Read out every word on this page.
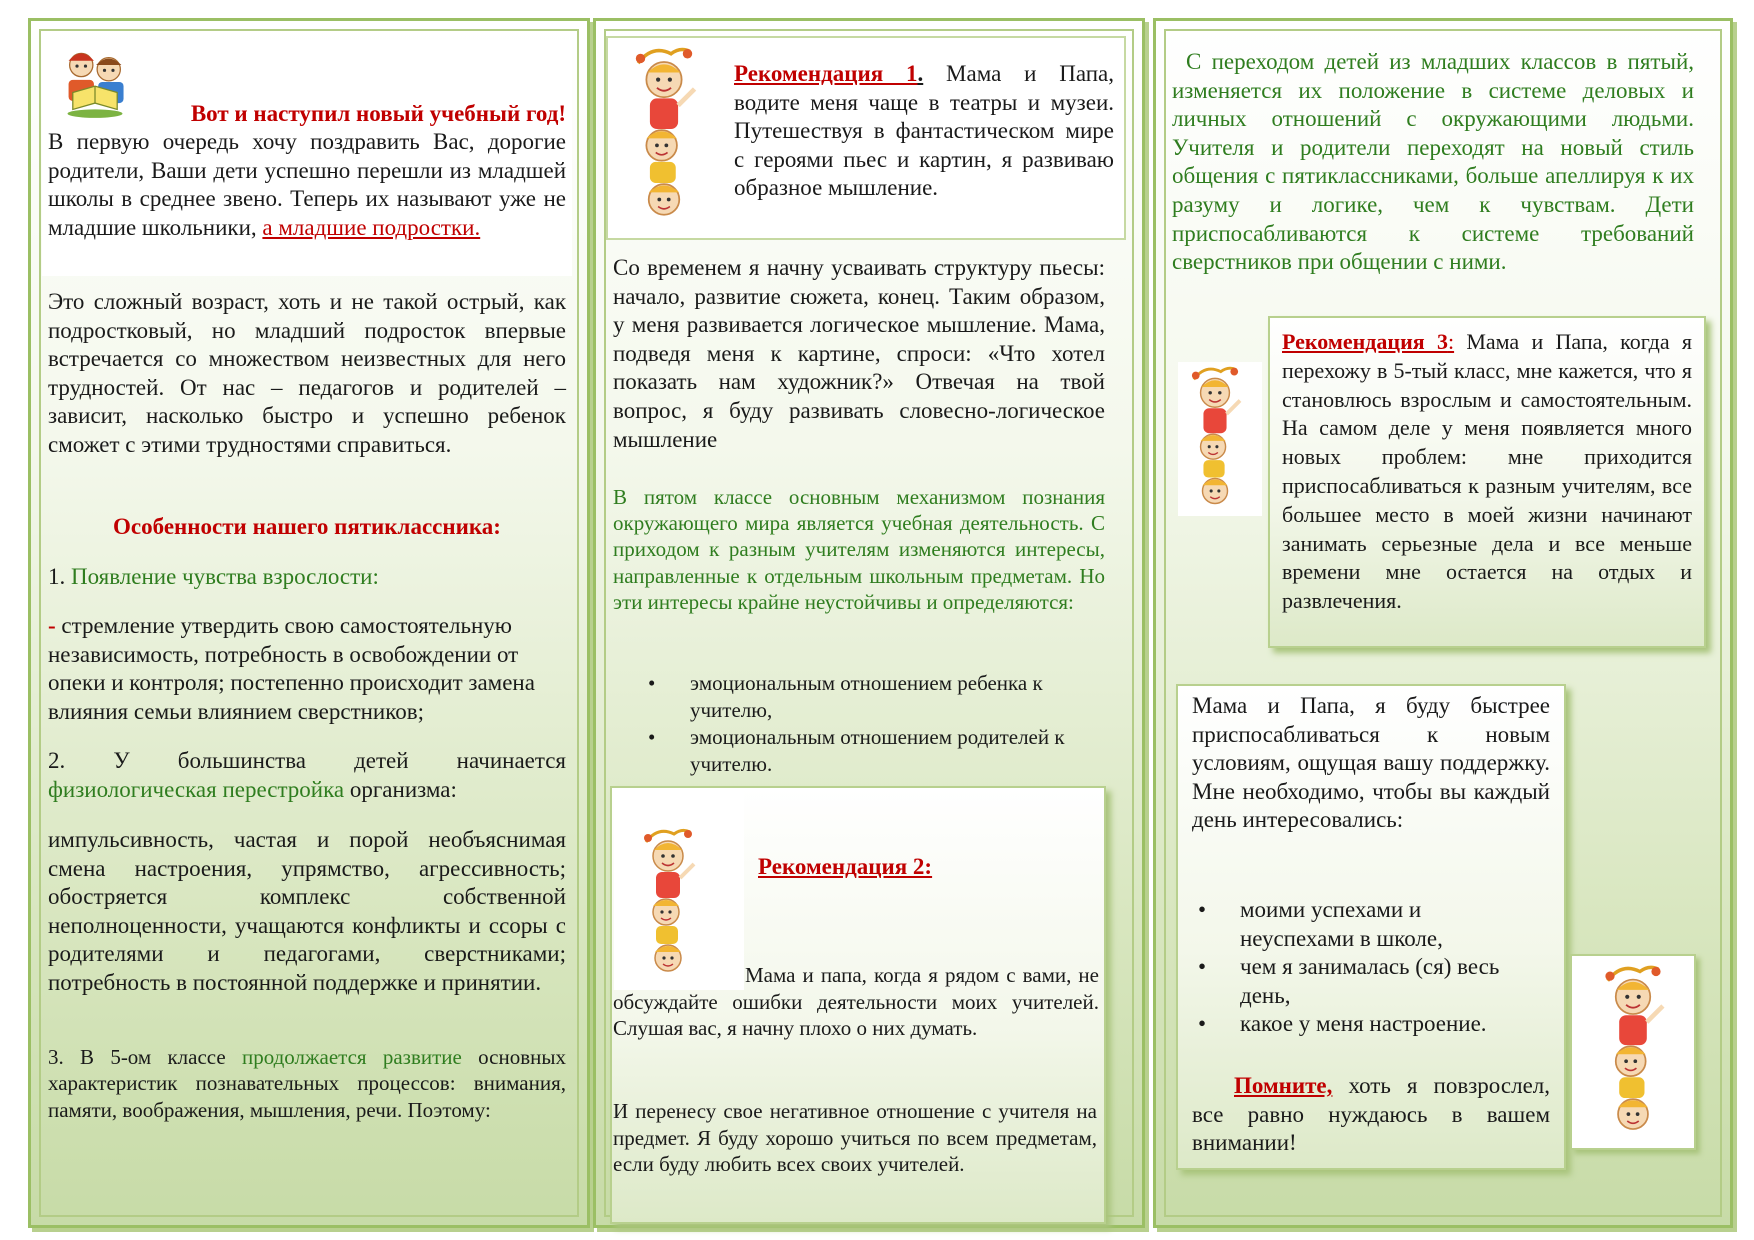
Вот и наступил новый учебный год!

В первую очередь хочу поздравить Вас, дорогие родители, Ваши дети успешно перешли из младшей школы в среднее звено. Теперь их называют уже не младшие школьники, а младшие подростки.

Это сложный возраст, хоть и не такой острый, как подростковый, но младший подросток впервые встречается со множеством неизвестных для него трудностей. От нас – педагогов и родителей – зависит, насколько быстро и успешно ребенок сможет с этими трудностями справиться.

Особенности нашего пятиклассника:

1. Появление чувства взрослости:

- стремление утвердить свою самостоятельную независимость, потребность в освобождении от опеки и контроля; постепенно происходит замена влияния семьи влиянием сверстников;

2. У большинства детей начинается физиологическая перестройка организма:

импульсивность, частая и порой необъяснимая смена настроения, упрямство, агрессивность; обостряется комплекс собственной неполноценности, учащаются конфликты и ссоры с родителями и педагогами, сверстниками; потребность в постоянной поддержке и принятии.

3. В 5-ом классе продолжается развитие основных характеристик познавательных процессов: внимания, памяти, воображения, мышления, речи. Поэтому:

Рекомендация 1. Мама и Папа, водите меня чаще в театры и музеи. Путешествуя в фантастическом мире с героями пьес и картин, я развиваю образное мышление.

Со временем я начну усваивать структуру пьесы: начало, развитие сюжета, конец. Таким образом, у меня развивается логическое мышление. Мама, подведя меня к картине, спроси: «Что хотел показать нам художник?» Отвечая на твой вопрос, я буду развивать словесно-логическое мышление

В пятом классе основным механизмом познания окружающего мира является учебная деятельность. С приходом к разным учителям изменяются интересы, направленные к отдельным школьным предметам. Но эти интересы крайне неустойчивы и определяются:

• эмоциональным отношением ребенка к учителю,
• эмоциональным отношением родителей к учителю.

Рекомендация 2:

Мама и папа, когда я рядом с вами, не обсуждайте ошибки деятельности моих учителей. Слушая вас, я начну плохо о них думать.

И перенесу свое негативное отношение с учителя на предмет. Я буду хорошо учиться по всем предметам, если буду любить всех своих учителей.

С переходом детей из младших классов в пятый, изменяется их положение в системе деловых и личных отношений с окружающими людьми. Учителя и родители переходят на новый стиль общения с пятиклассниками, больше апеллируя к их разуму и логике, чем к чувствам. Дети приспосабливаются к системе требований сверстников при общении с ними.

Рекомендация 3: Мама и Папа, когда я перехожу в 5-тый класс, мне кажется, что я становлюсь взрослым и самостоятельным. На самом деле у меня появляется много новых проблем: мне приходится приспосабливаться к разным учителям, все большее место в моей жизни начинают занимать серьезные дела и все меньше времени мне остается на отдых и развлечения.

Мама и Папа, я буду быстрее приспосабливаться к новым условиям, ощущая вашу поддержку. Мне необходимо, чтобы вы каждый день интересовались:

• моими успехами и неуспехами в школе,
• чем я занималась (ся) весь день,
• какое у меня настроение.

Помните, хоть я повзрослел, все равно нуждаюсь в вашем внимании!
